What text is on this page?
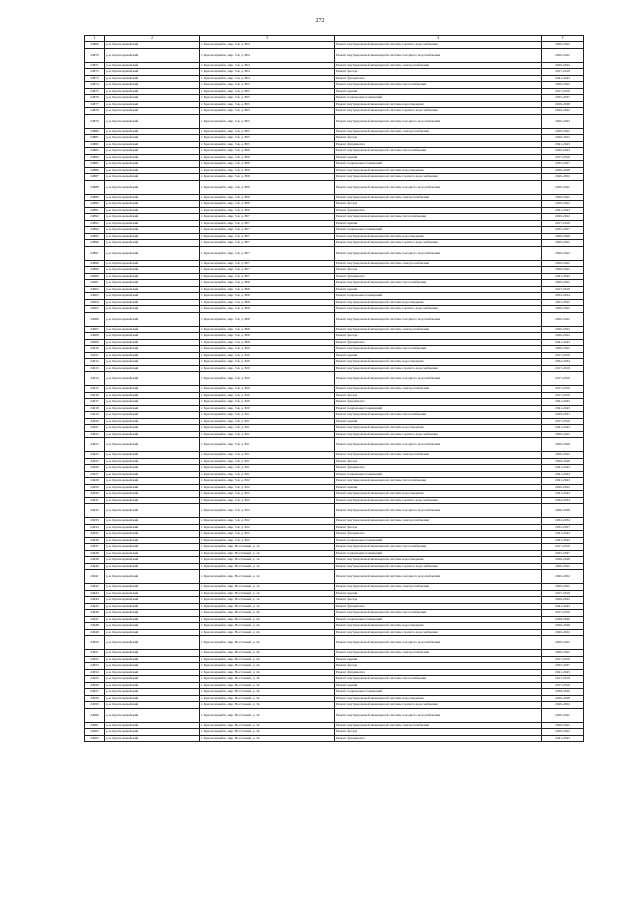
272
1	2	3	4	5
24869	р-н. Красноармейский	г. Красноармейск, мкр. 5-й, д. 804	Ремонт внутридомовой инженерной системы горячего водоснабжения	2020-2022
24870	р-н. Красноармейский	г. Красноармейск, мкр. 5-й, д. 804	Ремонт внутридомовой инженерной системы холодного водоснабжения	2020-2022
24871	р-н. Красноармейский	г. Красноармейск, мкр. 5-й, д. 804	Ремонт внутридомовой инженерной системы электроснабжения	2020-2022
24872	р-н. Красноармейский	г. Красноармейск, мкр. 5-й, д. 804	Ремонт фасада	2017-2019
24873	р-н. Красноармейский	г. Красноармейск, мкр. 5-й, д. 804	Ремонт фундамента	2041-2043
24874	р-н. Красноармейский	г. Красноармейск, мкр. 5-й, д. 805	Ремонт внутридомовой инженерной системы теплоснабжения	2020-2022
24875	р-н. Красноармейский	г. Красноармейск, мкр. 5-й, д. 805	Ремонт крыши	2017-2019
24876	р-н. Красноармейский	г. Красноармейск, мкр. 5-й, д. 805	Ремонт подвальных помещений	2035-2037
24877	р-н. Красноармейский	г. Красноармейск, мкр. 5-й, д. 805	Ремонт внутридомовой инженерной системы водоотведения	2026-2028
24878	р-н. Красноармейский	г. Красноармейск, мкр. 5-й, д. 805	Ремонт внутридомовой инженерной системы горячего водоснабжения	2020-2022
24879	р-н. Красноармейский	г. Красноармейск, мкр. 5-й, д. 805	Ремонт внутридомовой инженерной системы холодного водоснабжения	2020-2022
24880	р-н. Красноармейский	г. Красноармейск, мкр. 5-й, д. 805	Ремонт внутридомовой инженерной системы электроснабжения	2020-2022
24881	р-н. Красноармейский	г. Красноармейск, мкр. 5-й, д. 805	Ремонт фасада	2020-2022
24882	р-н. Красноармейский	г. Красноармейск, мкр. 5-й, д. 805	Ремонт фундамента	2041-2043
24883	р-н. Красноармейский	г. Красноармейск, мкр. 5-й, д. 806	Ремонт внутридомовой инженерной системы теплоснабжения	2020-2022
24884	р-н. Красноармейский	г. Красноармейск, мкр. 5-й, д. 806	Ремонт крыши	2017-2019
24885	р-н. Красноармейский	г. Красноармейск, мкр. 5-й, д. 806	Ремонт подвальных помещений	2035-2037
24886	р-н. Красноармейский	г. Красноармейск, мкр. 5-й, д. 806	Ремонт внутридомовой инженерной системы водоотведения	2026-2028
24887	р-н. Красноармейский	г. Красноармейск, мкр. 5-й, д. 806	Ремонт внутридомовой инженерной системы горячего водоснабжения	2020-2022
24888	р-н. Красноармейский	г. Красноармейск, мкр. 5-й, д. 806	Ремонт внутридомовой инженерной системы холодного водоснабжения	2020-2022
24889	р-н. Красноармейский	г. Красноармейск, мкр. 5-й, д. 806	Ремонт внутридомовой инженерной системы электроснабжения	2020-2022
24890	р-н. Красноармейский	г. Красноармейск, мкр. 5-й, д. 806	Ремонт фасада	2020-2022
24891	р-н. Красноармейский	г. Красноармейск, мкр. 5-й, д. 806	Ремонт фундамента	2041-2043
24892	р-н. Красноармейский	г. Красноармейск, мкр. 5-й, д. 807	Ремонт внутридомовой инженерной системы теплоснабжения	2020-2022
24893	р-н. Красноармейский	г. Красноармейск, мкр. 5-й, д. 807	Ремонт крыши	2017-2019
24894	р-н. Красноармейский	г. Красноармейск, мкр. 5-й, д. 807	Ремонт подвальных помещений	2035-2037
24895	р-н. Красноармейский	г. Красноармейск, мкр. 5-й, д. 807	Ремонт внутридомовой инженерной системы водоотведения	2026-2028
24896	р-н. Красноармейский	г. Красноармейск, мкр. 5-й, д. 807	Ремонт внутридомовой инженерной системы горячего водоснабжения	2020-2022
24897	р-н. Красноармейский	г. Красноармейск, мкр. 5-й, д. 807	Ремонт внутридомовой инженерной системы холодного водоснабжения	2020-2022
24898	р-н. Красноармейский	г. Красноармейск, мкр. 5-й, д. 807	Ремонт внутридомовой инженерной системы электроснабжения	2020-2022
24899	р-н. Красноармейский	г. Красноармейск, мкр. 5-й, д. 807	Ремонт фасада	2020-2022
24900	р-н. Красноармейский	г. Красноармейск, мкр. 5-й, д. 807	Ремонт фундамента	2041-2043
24901	р-н. Красноармейский	г. Красноармейск, мкр. 5-й, д. 808	Ремонт внутридомовой инженерной системы теплоснабжения	2020-2022
24902	р-н. Красноармейский	г. Красноармейск, мкр. 5-й, д. 808	Ремонт крыши	2017-2019
24903	р-н. Красноармейский	г. Красноармейск, мкр. 5-й, д. 808	Ремонт подвальных помещений	2032-2034
24904	р-н. Красноармейский	г. Красноармейск, мкр. 5-й, д. 808	Ремонт внутридомовой инженерной системы водоотведения	2023-2025
24905	р-н. Красноармейский	г. Красноармейск, мкр. 5-й, д. 808	Ремонт внутридомовой инженерной системы горячего водоснабжения	2020-2022
24906	р-н. Красноармейский	г. Красноармейск, мкр. 5-й, д. 808	Ремонт внутридомовой инженерной системы холодного водоснабжения	2020-2022
24907	р-н. Красноармейский	г. Красноармейск, мкр. 5-й, д. 808	Ремонт внутридомовой инженерной системы электроснабжения	2020-2022
24908	р-н. Красноармейский	г. Красноармейск, мкр. 5-й, д. 808	Ремонт фасада	2020-2022
24909	р-н. Красноармейский	г. Красноармейск, мкр. 5-й, д. 808	Ремонт фундамента	2041-2043
24910	р-н. Красноармейский	г. Красноармейск, мкр. 5-й, д. 820	Ремонт внутридомовой инженерной системы теплоснабжения	2020-2022
24911	р-н. Красноармейский	г. Красноармейск, мкр. 5-й, д. 820	Ремонт крыши	2017-2019
24912	р-н. Красноармейский	г. Красноармейск, мкр. 5-й, д. 820	Ремонт внутридомовой инженерной системы водоотведения	2032-2034
24913	р-н. Красноармейский	г. Красноармейск, мкр. 5-й, д. 820	Ремонт внутридомовой инженерной системы горячего водоснабжения	2017-2019
24914	р-н. Красноармейский	г. Красноармейск, мкр. 5-й, д. 820	Ремонт внутридомовой инженерной системы холодного водоснабжения	2017-2019
24915	р-н. Красноармейский	г. Красноармейск, мкр. 5-й, д. 820	Ремонт внутридомовой инженерной системы электроснабжения	2017-2019
24916	р-н. Красноармейский	г. Красноармейск, мкр. 5-й, д. 820	Ремонт фасада	2017-2019
24917	р-н. Красноармейский	г. Красноармейск, мкр. 5-й, д. 820	Ремонт фундамента	2041-2043
24918	р-н. Красноармейский	г. Красноармейск, мкр. 5-й, д. 820	Ремонт подвальных помещений	2041-2043
24919	р-н. Красноармейский	г. Красноармейск, мкр. 5-й, д. 821	Ремонт внутридомовой инженерной системы теплоснабжения	2029-2031
24920	р-н. Красноармейский	г. Красноармейск, мкр. 5-й, д. 821	Ремонт крыши	2017-2019
24921	р-н. Красноармейский	г. Красноармейск, мкр. 5-й, д. 821	Ремонт внутридомовой инженерной системы водоотведения	2041-2043
24922	р-н. Красноармейский	г. Красноармейск, мкр. 5-й, д. 821	Ремонт внутридомовой инженерной системы горячего водоснабжения	2020-2022
24923	р-н. Красноармейский	г. Красноармейск, мкр. 5-й, д. 821	Ремонт внутридомовой инженерной системы холодного водоснабжения	2026-2028
24924	р-н. Красноармейский	г. Красноармейск, мкр. 5-й, д. 821	Ремонт внутридомовой инженерной системы электроснабжения	2020-2022
24925	р-н. Красноармейский	г. Красноармейск, мкр. 5-й, д. 821	Ремонт фасада	2026-2028
24926	р-н. Красноармейский	г. Красноармейск, мкр. 5-й, д. 821	Ремонт фундамента	2041-2043
24927	р-н. Красноармейский	г. Красноармейск, мкр. 5-й, д. 821	Ремонт подвальных помещений	2041-2043
24928	р-н. Красноармейский	г. Красноармейск, мкр. 5-й, д. 822	Ремонт внутридомовой инженерной системы теплоснабжения	2041-2043
24929	р-н. Красноармейский	г. Красноармейск, мкр. 5-й, д. 822	Ремонт крыши	2020-2022
24930	р-н. Красноармейский	г. Красноармейск, мкр. 5-й, д. 822	Ремонт внутридомовой инженерной системы водоотведения	2041-2043
24931	р-н. Красноармейский	г. Красноармейск, мкр. 5-й, д. 822	Ремонт внутридомовой инженерной системы горячего водоснабжения	2032-2034
24932	р-н. Красноармейский	г. Красноармейск, мкр. 5-й, д. 822	Ремонт внутридомовой инженерной системы холодного водоснабжения	2026-2028
24933	р-н. Красноармейский	г. Красноармейск, мкр. 5-й, д. 822	Ремонт внутридомовой инженерной системы электроснабжения	2032-2034
24934	р-н. Красноармейский	г. Красноармейск, мкр. 5-й, д. 822	Ремонт фасада	2035-2037
24935	р-н. Красноармейский	г. Красноармейск, мкр. 5-й, д. 822	Ремонт фундамента	2041-2043
24936	р-н. Красноармейский	г. Красноармейск, мкр. 5-й, д. 822	Ремонт подвальных помещений	2041-2043
24937	р-н. Красноармейский	г. Красноармейск, мкр. Восточный, д. 1в	Ремонт внутридомовой инженерной системы теплоснабжения	2017-2019
24938	р-н. Красноармейский	г. Красноармейск, мкр. Восточный, д. 1в	Ремонт подвальных помещений	2035-2037
24939	р-н. Красноармейский	г. Красноармейск, мкр. Восточный, д. 1в	Ремонт внутридомовой инженерной системы водоотведения	2026-2028
24940	р-н. Красноармейский	г. Красноармейск, мкр. Восточный, д. 1в	Ремонт внутридомовой инженерной системы горячего водоснабжения	2020-2022
24941	р-н. Красноармейский	г. Красноармейск, мкр. Восточный, д. 1в	Ремонт внутридомовой инженерной системы холодного водоснабжения	2020-2022
24942	р-н. Красноармейский	г. Красноармейск, мкр. Восточный, д. 1в	Ремонт внутридомовой инженерной системы электроснабжения	2020-2022
24943	р-н. Красноармейский	г. Красноармейск, мкр. Восточный, д. 1в	Ремонт крыши	2017-2019
24944	р-н. Красноармейский	г. Красноармейск, мкр. Восточный, д. 1в	Ремонт фасада	2020-2022
24945	р-н. Красноармейский	г. Красноармейск, мкр. Восточный, д. 1в	Ремонт фундамента	2041-2043
24946	р-н. Красноармейский	г. Красноармейск, мкр. Восточный, д. 2в	Ремонт внутридомовой инженерной системы теплоснабжения	2017-2019
24947	р-н. Красноармейский	г. Красноармейск, мкр. Восточный, д. 2в	Ремонт подвальных помещений	2038-2040
24948	р-н. Красноармейский	г. Красноармейск, мкр. Восточный, д. 2в	Ремонт внутридомовой инженерной системы водоотведения	2026-2028
24949	р-н. Красноармейский	г. Красноармейск, мкр. Восточный, д. 2в	Ремонт внутридомовой инженерной системы горячего водоснабжения	2020-2022
24950	р-н. Красноармейский	г. Красноармейск, мкр. Восточный, д. 2в	Ремонт внутридомовой инженерной системы холодного водоснабжения	2020-2022
24951	р-н. Красноармейский	г. Красноармейск, мкр. Восточный, д. 2в	Ремонт внутридомовой инженерной системы электроснабжения	2020-2022
24952	р-н. Красноармейский	г. Красноармейск, мкр. Восточный, д. 2в	Ремонт крыши	2017-2019
24953	р-н. Красноармейский	г. Красноармейск, мкр. Восточный, д. 2в	Ремонт фасада	2035-2037
24954	р-н. Красноармейский	г. Красноармейск, мкр. Восточный, д. 2в	Ремонт фундамента	2041-2043
24955	р-н. Красноармейский	г. Красноармейск, мкр. Восточный, д. 3в	Ремонт внутридомовой инженерной системы теплоснабжения	2017-2019
24956	р-н. Красноармейский	г. Красноармейск, мкр. Восточный, д. 3в	Ремонт крыши	2017-2019
24957	р-н. Красноармейский	г. Красноармейск, мкр. Восточный, д. 3в	Ремонт подвальных помещений	2038-2040
24958	р-н. Красноармейский	г. Красноармейск, мкр. Восточный, д. 3в	Ремонт внутридомовой инженерной системы водоотведения	2026-2028
24959	р-н. Красноармейский	г. Красноармейск, мкр. Восточный, д. 3в	Ремонт внутридомовой инженерной системы горячего водоснабжения	2020-2022
24960	р-н. Красноармейский	г. Красноармейск, мкр. Восточный, д. 3в	Ремонт внутридомовой инженерной системы холодного водоснабжения	2020-2022
24961	р-н. Красноармейский	г. Красноармейск, мкр. Восточный, д. 3в	Ремонт внутридомовой инженерной системы электроснабжения	2020-2022
24962	р-н. Красноармейский	г. Красноармейск, мкр. Восточный, д. 3в	Ремонт фасада	2020-2022
24963	р-н. Красноармейский	г. Красноармейск, мкр. Восточный, д. 3в	Ремонт фундамента	2041-2043
